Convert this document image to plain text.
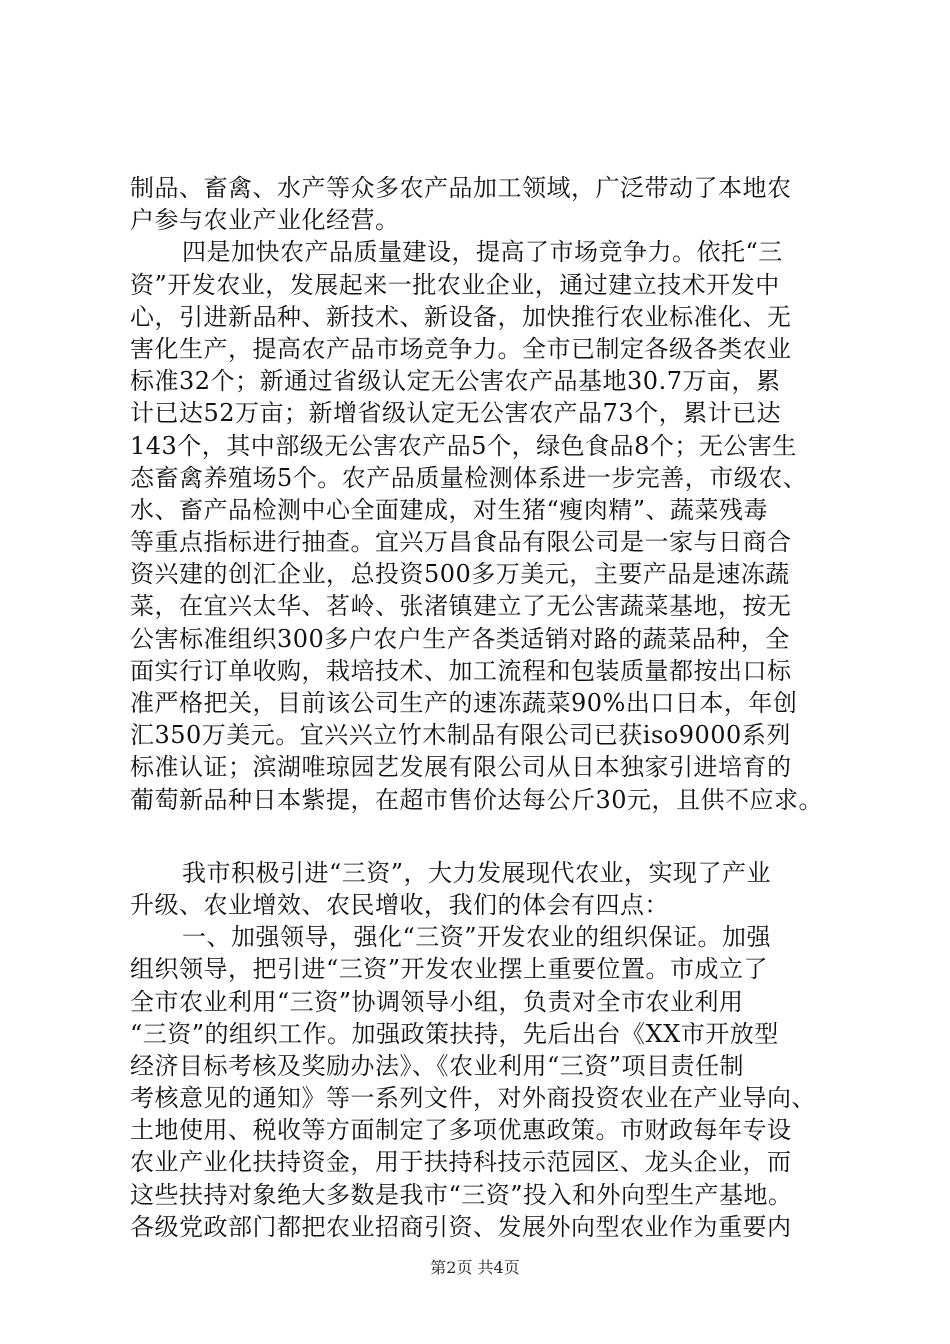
制品、畜禽、水产等众多农产品加工领域，广泛带动了本地农
户参与农业产业化经营。
四是加快农产品质量建设，提高了市场竞争力。依托“三
资”开发农业，发展起来一批农业企业，通过建立技术开发中
心，引进新品种、新技术、新设备，加快推行农业标准化、无
害化生产，提高农产品市场竞争力。全市已制定各级各类农业
标准32个；新通过省级认定无公害农产品基地30.7万亩，累
计已达52万亩；新增省级认定无公害农产品73个，累计已达
143个，其中部级无公害农产品5个，绿色食品8个；无公害生
态畜禽养殖场5个。农产品质量检测体系进一步完善，市级农、
水、畜产品检测中心全面建成，对生猪“瘦肉精”、蔬菜残毒
等重点指标进行抽查。宜兴万昌食品有限公司是一家与日商合
资兴建的创汇企业，总投资500多万美元，主要产品是速冻蔬
菜，在宜兴太华、茗岭、张渚镇建立了无公害蔬菜基地，按无
公害标准组织300多户农户生产各类适销对路的蔬菜品种，全
面实行订单收购，栽培技术、加工流程和包装质量都按出口标
准严格把关，目前该公司生产的速冻蔬菜90%出口日本，年创
汇350万美元。宜兴兴立竹木制品有限公司已获iso9000系列
标准认证；滨湖唯琼园艺发展有限公司从日本独家引进培育的
葡萄新品种日本紫提，在超市售价达每公斤30元，且供不应求。
我市积极引进“三资”，大力发展现代农业，实现了产业
升级、农业增效、农民增收，我们的体会有四点：
一、加强领导，强化“三资”开发农业的组织保证。加强
组织领导，把引进“三资”开发农业摆上重要位置。市成立了
全市农业利用“三资”协调领导小组，负责对全市农业利用
“三资”的组织工作。加强政策扶持，先后出台《XX市开放型
经济目标考核及奖励办法》、《农业利用“三资”项目责任制
考核意见的通知》等一系列文件，对外商投资农业在产业导向、
土地使用、税收等方面制定了多项优惠政策。市财政每年专设
农业产业化扶持资金，用于扶持科技示范园区、龙头企业，而
这些扶持对象绝大多数是我市“三资”投入和外向型生产基地。
各级党政部门都把农业招商引资、发展外向型农业作为重要内
第2页 共4页
